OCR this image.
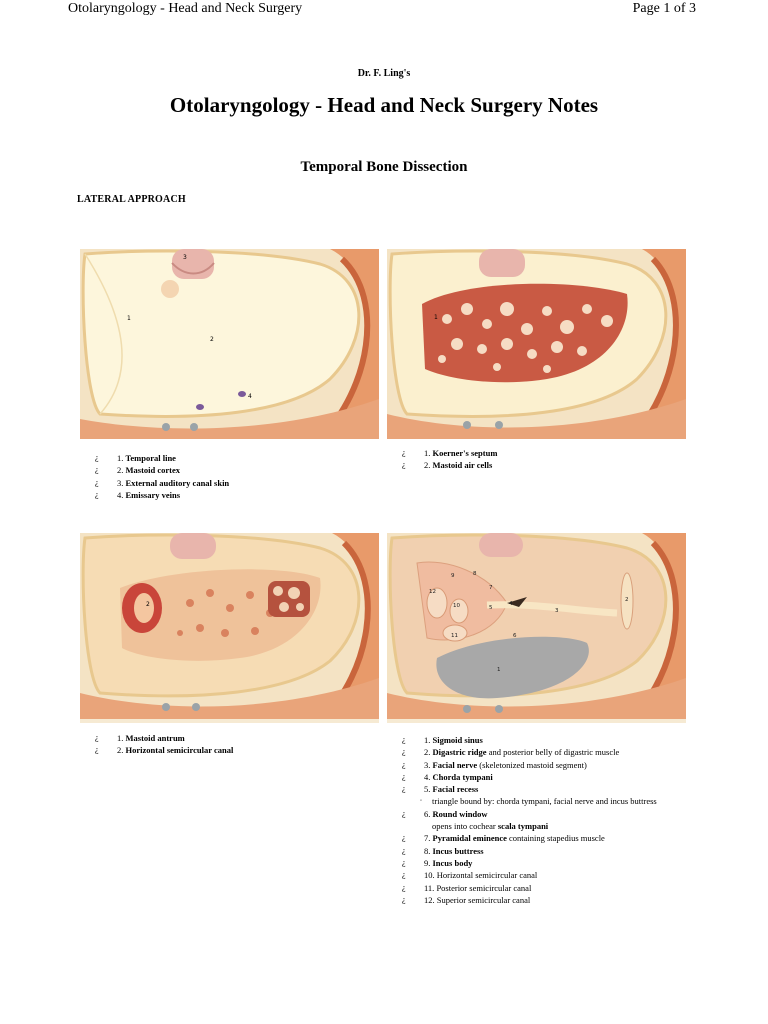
Otolaryngology - Head and Neck Surgery	Page 1 of 3
Dr. F. Ling's
Otolaryngology - Head and Neck Surgery Notes
Temporal Bone Dissection
LATERAL APPROACH
3
1
2
4
1
¿ 1. Temporal line
¿ 2. Mastoid cortex
¿ 3. External auditory canal skin
¿ 4. Emissary veins
¿ 1. Koerner's septum
¿ 2. Mastoid air cells
2
1
2
3
4
5
6
7
8
9
10
11
12
¿ 1. Mastoid antrum
¿ 2. Horizontal semicircular canal
¿ 1. Sigmoid sinus
¿ 2. Digastric ridge and posterior belly of digastric muscle
¿ 3. Facial nerve (skeletonized mastoid segment)
¿ 4. Chorda tympani
¿ 5. Facial recess
◦ triangle bound by: chorda tympani, facial nerve and incus buttress
¿ 6. Round window
opens into cochear scala tympani
¿ 7. Pyramidal eminence containing stapedius muscle
¿ 8. Incus buttress
¿ 9. Incus body
¿ 10. Horizontal semicircular canal
¿ 11. Posterior semicircular canal
¿ 12. Superior semicircular canal
